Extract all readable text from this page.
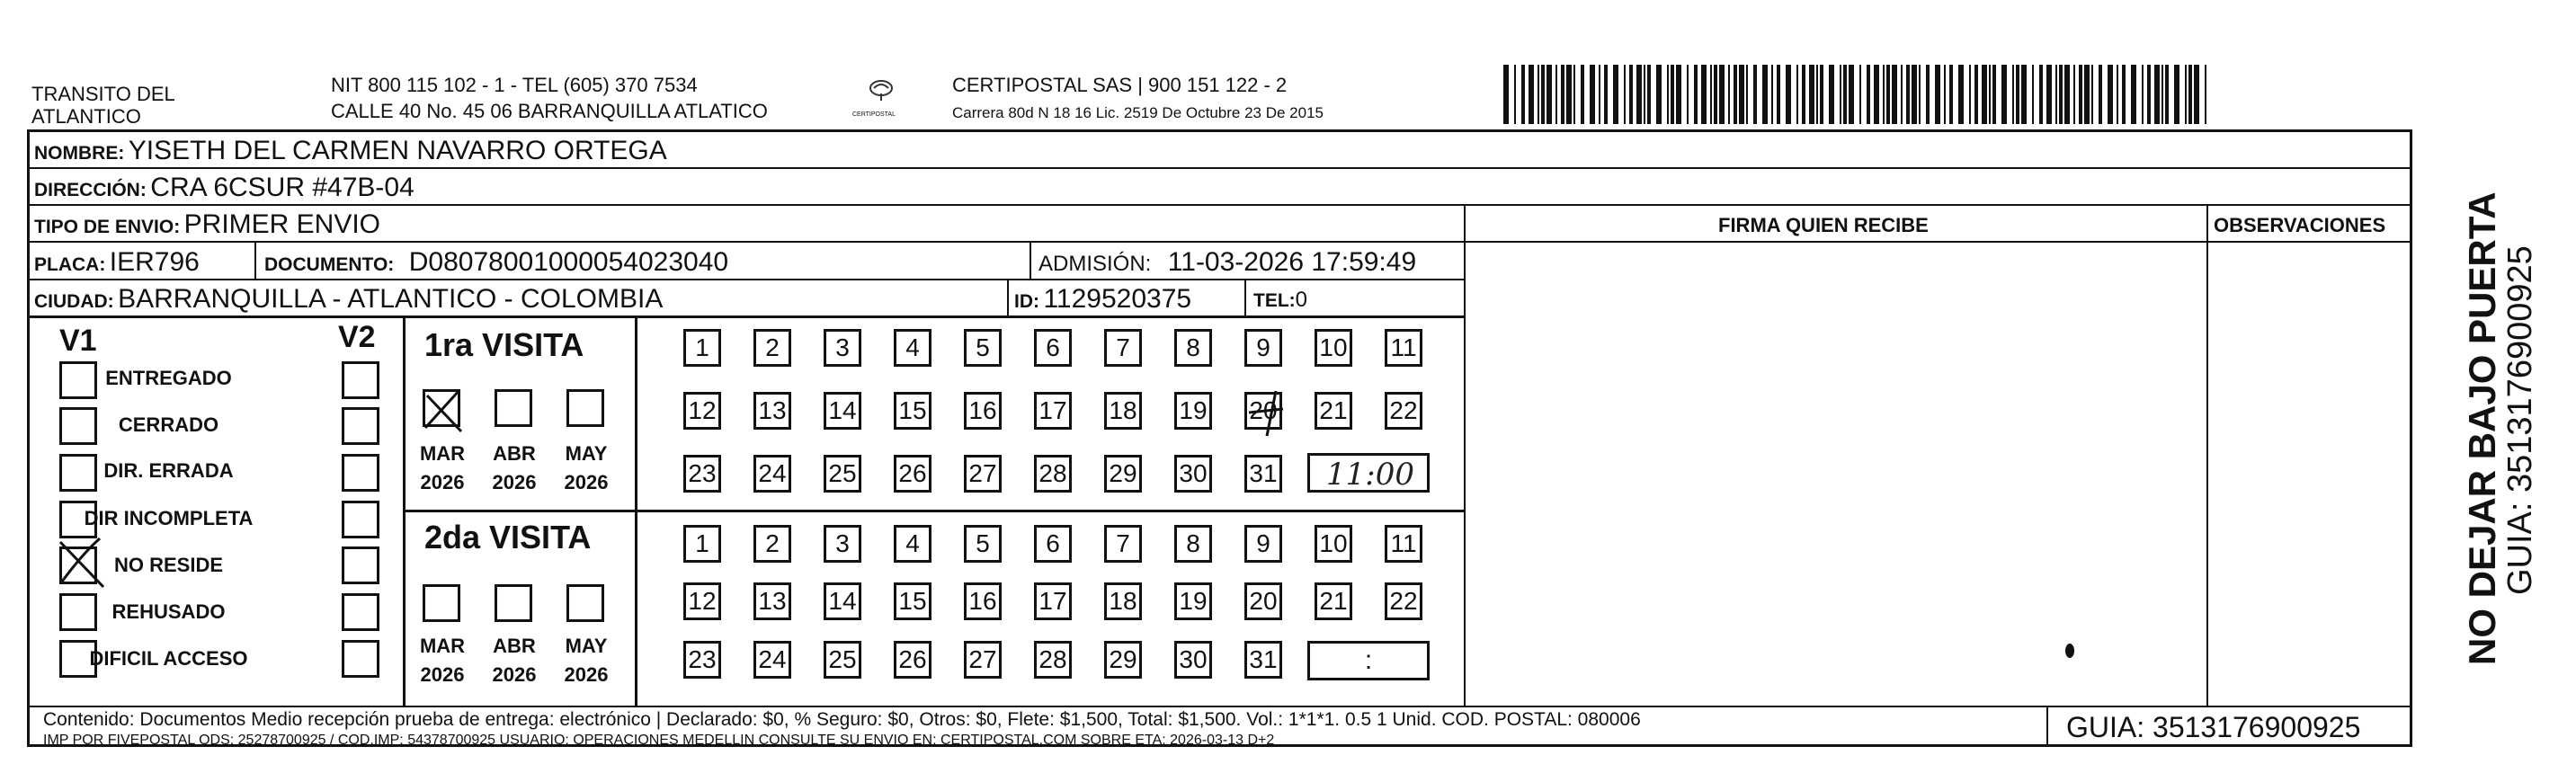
TRANSITO DEL
ATLANTICO
NIT 800 115 102 - 1 - TEL (605) 370 7534
CALLE 40 No. 45 06 BARRANQUILLA ATLATICO	CERTIPOSTAL
CERTIPOSTAL SAS | 900 151 122 - 2
Carrera 80d N 18 16 Lic. 2519 De Octubre 23 De 2015
NOMBRE: YISETH DEL CARMEN NAVARRO ORTEGA
DIRECCIÓN: CRA 6CSUR #47B-04
TIPO DE ENVIO: PRIMER ENVIO	FIRMA QUIEN RECIBE	OBSERVACIONES
PLACA: IER796	DOCUMENTO: D08078001000054023040	ADMISIÓN: 11-03-2026 17:59:49
CIUDAD: BARRANQUILLA - ATLANTICO - COLOMBIA	ID: 1129520375	TEL:0
V1	V2
ENTREGADO
CERRADO
DIR. ERRADA
DIR INCOMPLETA
NO RESIDE
REHUSADO
DIFICIL ACCESO
1ra VISITA
MAR
2026
ABR
2026
MAY
2026
1	2	3	4	5	6	7	8	9	10 11
12 13 14 15 16 17 18 19 20 21 22
23 24 25 26 27 28 29 30 31 11:00
2da VISITA
MAR
2026
ABR
2026
MAY
2026
1	2	3	4	5	6	7	8	9	10 11
12 13 14 15 16 17 18 19 20 21 22
23 24 25 26 27 28 29 30 31	:
Contenido: Documentos Medio recepción prueba de entrega: electrónico | Declarado: $0, % Seguro: $0, Otros: $0, Flete: $1,500, Total: $1,500. Vol.: 1*1*1. 0.5 1 Unid. COD. POSTAL: 080006
IMP POR FIVEPOSTAL ODS: 25278700925 / COD.IMP: 54378700925 USUARIO: OPERACIONES MEDELLIN CONSULTE SU ENVIO EN: CERTIPOSTAL.COM SOBRE ETA: 2026-03-13 D+2	GUIA: 3513176900925
NO DEJAR BAJO PUERTA
GUIA: 3513176900925
